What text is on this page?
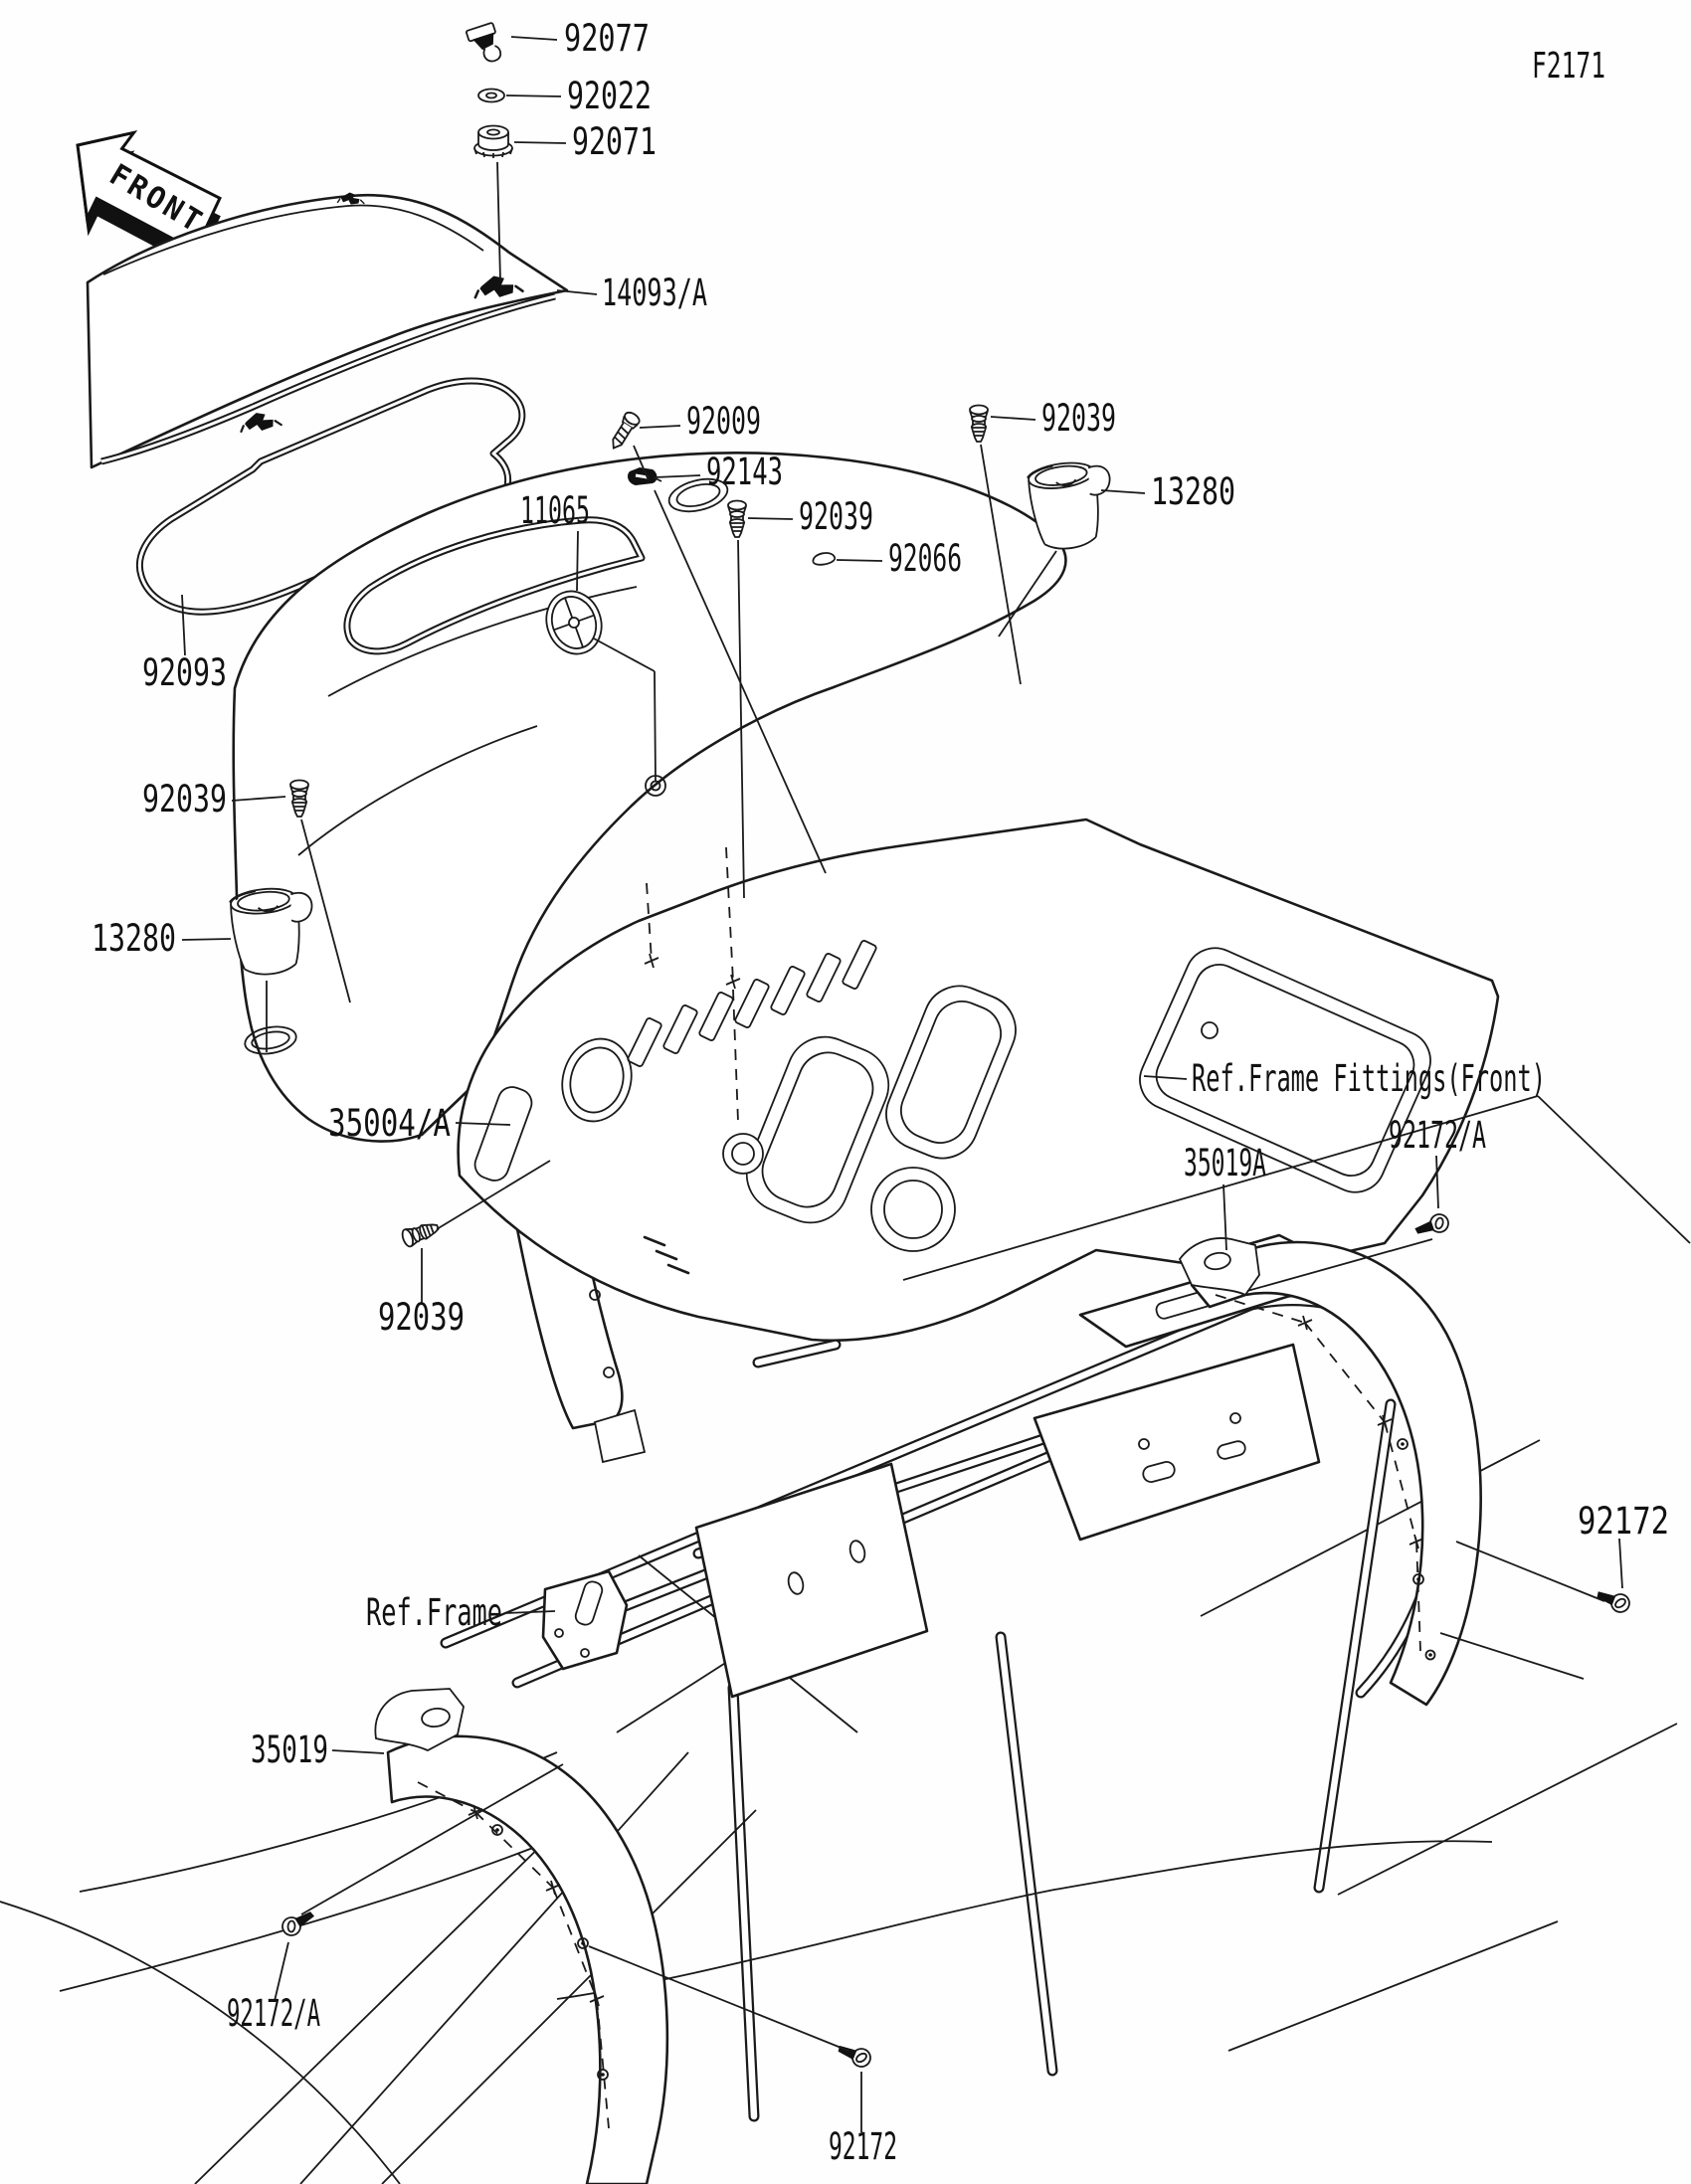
FRONT
F2171
92077
92022
92071
14093/A
92009
92143
92039
92066
92039
13280
11065
92039
13280
92093
35004/A
92039
Ref.Frame Fittings(Front)
35019A
92172/A
Ref.Frame
35019
92172/A
92172
92172
